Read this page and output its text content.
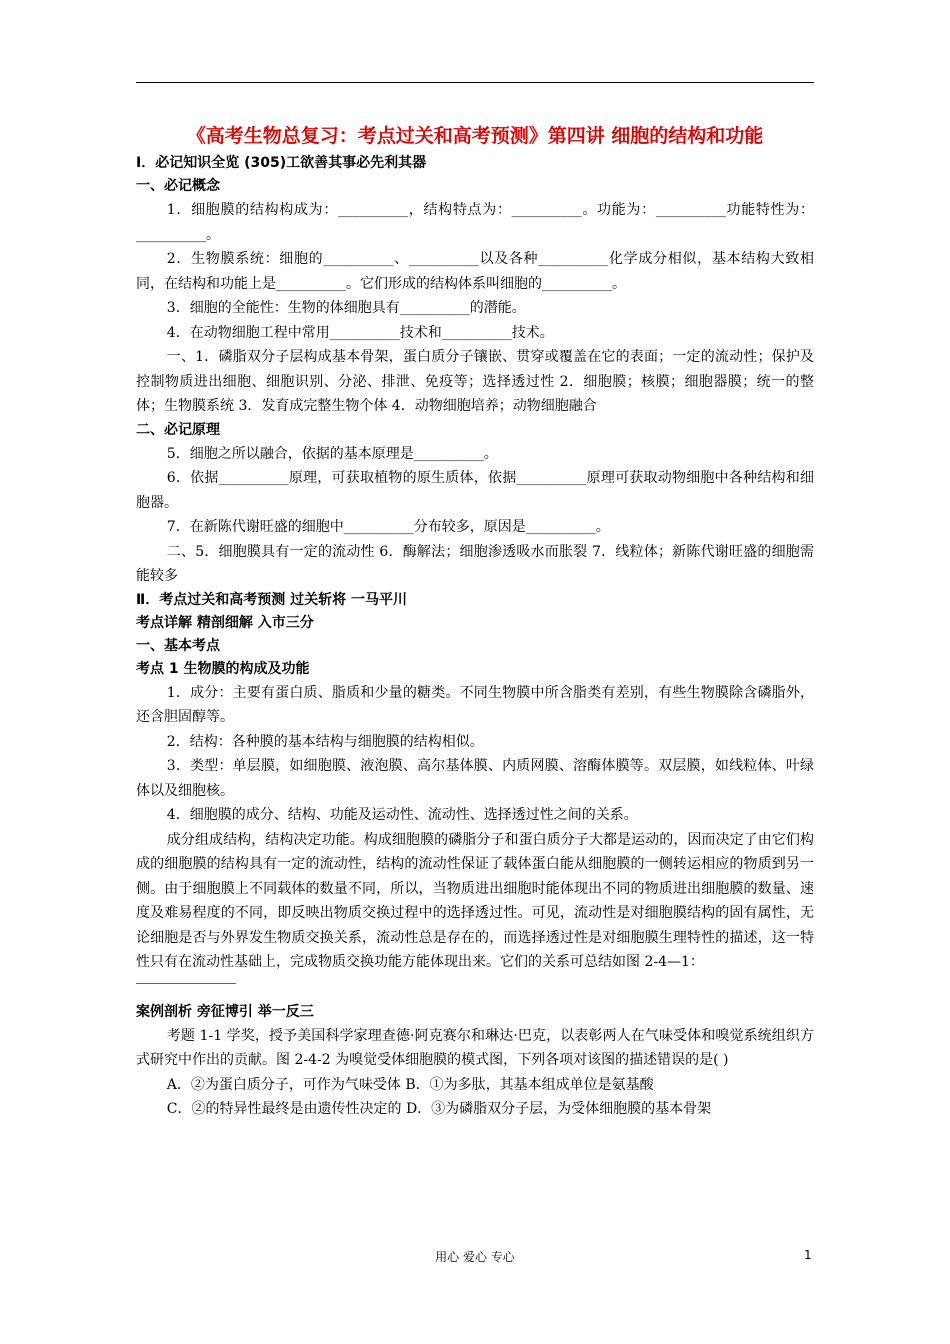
《高考生物总复习：考点过关和高考预测》第四讲 细胞的结构和功能
I．必记知识全览 (305)工欲善其事必先利其器
一、必记概念
1．细胞膜的结构构成为：__________，结构特点为：__________。功能为：__________功能特性为：__________。
2．生物膜系统：细胞的__________、__________以及各种__________化学成分相似，基本结构大致相同，在结构和功能上是__________。它们形成的结构体系叫细胞的__________。
3．细胞的全能性：生物的体细胞具有__________的潜能。
4．在动物细胞工程中常用__________技术和__________技术。
一、1．磷脂双分子层构成基本骨架，蛋白质分子镶嵌、贯穿或覆盖在它的表面；一定的流动性；保护及控制物质进出细胞、细胞识别、分泌、排泄、免疫等；选择透过性 2．细胞膜；核膜；细胞器膜；统一的整体；生物膜系统 3．发育成完整生物个体 4．动物细胞培养；动物细胞融合
二、必记原理
5．细胞之所以融合，依据的基本原理是__________。
6．依据__________原理，可获取植物的原生质体，依据__________原理可获取动物细胞中各种结构和细胞器。
7．在新陈代谢旺盛的细胞中__________分布较多，原因是__________。
二、5．细胞膜具有一定的流动性 6．酶解法；细胞渗透吸水而胀裂 7．线粒体；新陈代谢旺盛的细胞需能较多
Ⅱ．考点过关和高考预测 过关斩将 一马平川
考点详解 精剖细解 入市三分
一、基本考点
考点 1 生物膜的构成及功能
1．成分：主要有蛋白质、脂质和少量的糖类。不同生物膜中所含脂类有差别，有些生物膜除含磷脂外，还含胆固醇等。
2．结构：各种膜的基本结构与细胞膜的结构相似。
3．类型：单层膜，如细胞膜、液泡膜、高尔基体膜、内质网膜、溶酶体膜等。双层膜，如线粒体、叶绿体以及细胞核。
4．细胞膜的成分、结构、功能及运动性、流动性、选择透过性之间的关系。
成分组成结构，结构决定功能。构成细胞膜的磷脂分子和蛋白质分子大都是运动的，因而决定了由它们构成的细胞膜的结构具有一定的流动性，结构的流动性保证了载体蛋白能从细胞膜的一侧转运相应的物质到另一侧。由于细胞膜上不同载体的数量不同，所以，当物质进出细胞时能体现出不同的物质进出细胞膜的数量、速度及难易程度的不同，即反映出物质交换过程中的选择透过性。可见，流动性是对细胞膜结构的固有属性，无论细胞是否与外界发生物质交换关系，流动性总是存在的，而选择透过性是对细胞膜生理特性的描述，这一特性只有在流动性基础上，完成物质交换功能方能体现出来。它们的关系可总结如图 2-4—1：
案例剖析 旁征博引 举一反三
考题 1-1 学奖，授予美国科学家理查德·阿克赛尔和琳达·巴克，以表彰两人在气味受体和嗅觉系统组织方式研究中作出的贡献。图 2-4-2 为嗅觉受体细胞膜的模式图，下列各项对该图的描述错误的是( )
A．②为蛋白质分子，可作为气味受体 B．①为多肽，其基本组成单位是氨基酸
C．②的特异性最终是由遗传性决定的 D．③为磷脂双分子层，为受体细胞膜的基本骨架
用心 爱心 专心	1
